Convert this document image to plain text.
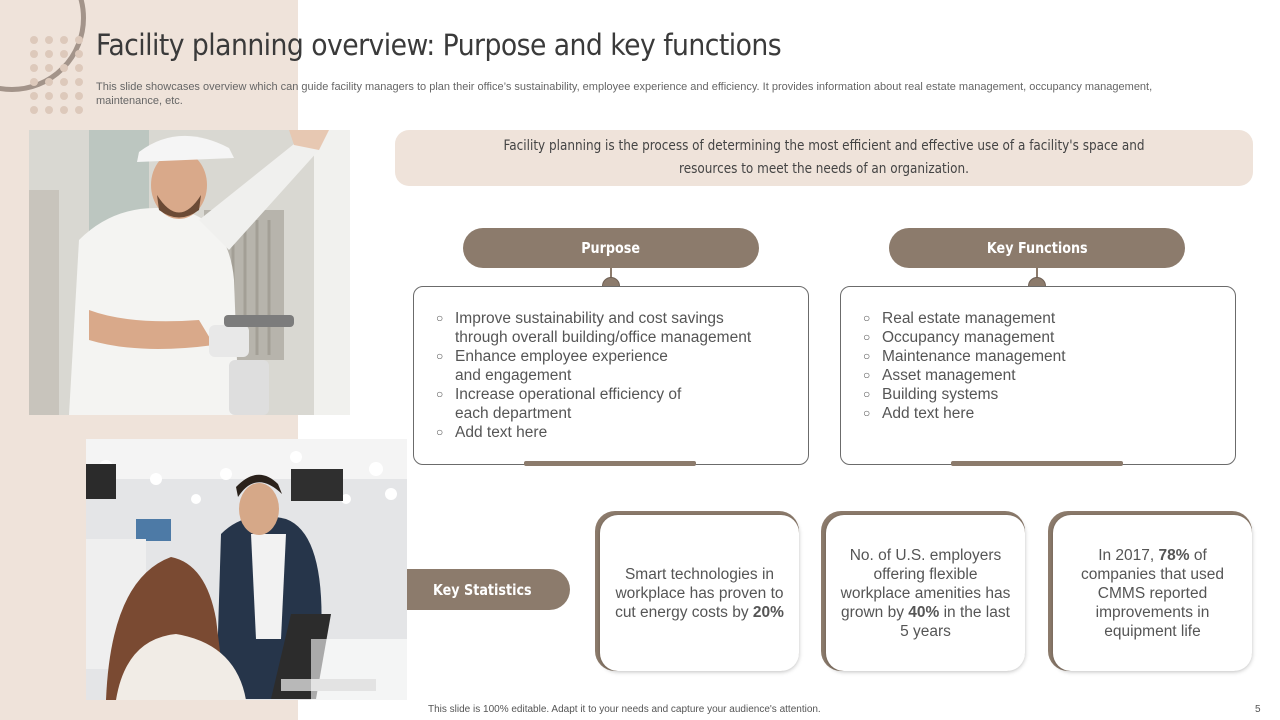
Facility planning overview: Purpose and key functions

This slide showcases overview which can guide facility managers to plan their office’s sustainability, employee experience and efficiency. It provides information about real estate management, occupancy management, maintenance, etc.

Facility planning is the process of determining the most efficient and effective use of a facility's space and resources to meet the needs of an organization.
Purpose	Key Functions
○ Improve sustainability and cost savings through overall building/office management
○ Enhance employee experience and engagement
○ Increase operational efficiency of each department
○ Add text here
○ Real estate management
○ Occupancy management
○ Maintenance management
○ Asset management
○ Building systems
○ Add text here
Key Statistics

Smart technologies in workplace has proven to cut energy costs by 20%

No. of U.S. employers offering flexible workplace amenities has grown by 40% in the last 5 years

In 2017, 78% of companies that used CMMS reported improvements in equipment life

This slide is 100% editable. Adapt it to your needs and capture your audience's attention.	5
